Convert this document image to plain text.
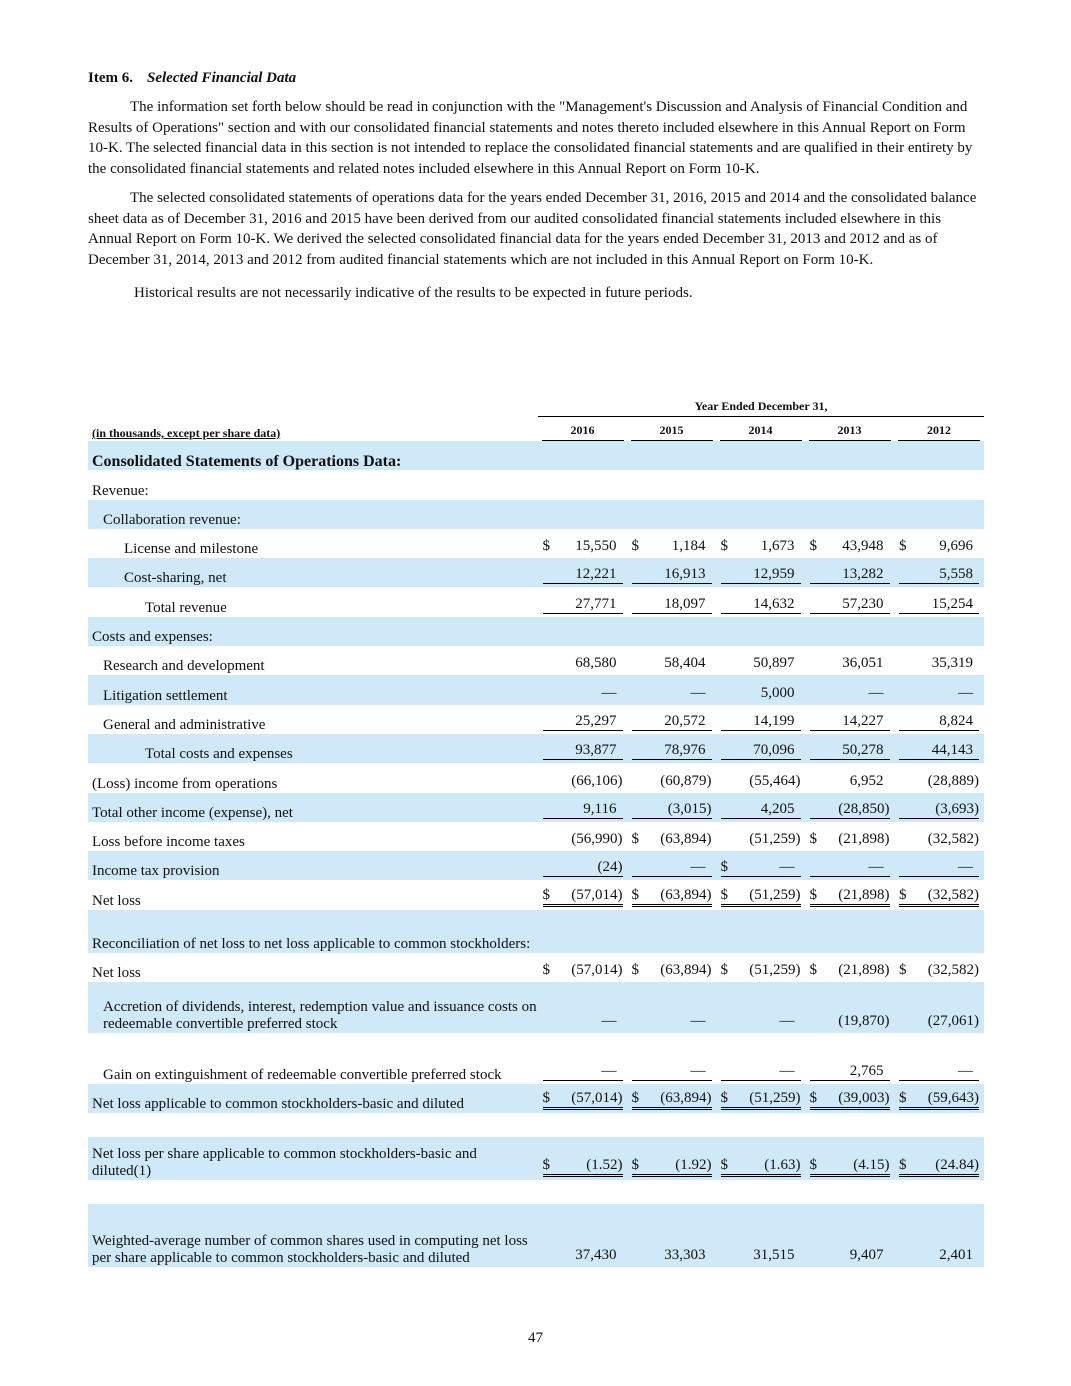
Item 6. Selected Financial Data

The information set forth below should be read in conjunction with the "Management's Discussion and Analysis of Financial Condition and Results of Operations" section and with our consolidated financial statements and notes thereto included elsewhere in this Annual Report on Form 10-K. The selected financial data in this section is not intended to replace the consolidated financial statements and are qualified in their entirety by the consolidated financial statements and related notes included elsewhere in this Annual Report on Form 10-K.

The selected consolidated statements of operations data for the years ended December 31, 2016, 2015 and 2014 and the consolidated balance sheet data as of December 31, 2016 and 2015 have been derived from our audited consolidated financial statements included elsewhere in this Annual Report on Form 10-K. We derived the selected consolidated financial data for the years ended December 31, 2013 and 2012 and as of December 31, 2014, 2013 and 2012 from audited financial statements which are not included in this Annual Report on Form 10-K.

Historical results are not necessarily indicative of the results to be expected in future periods.

	Year Ended December 31,				
(in thousands, except per share data)	2016	2015	2014	2013	2012
Consolidated Statements of Operations Data:					
Revenue:					
Collaboration revenue:					
License and milestone	$ 15,550	$ 1,184	$ 1,673	$ 43,948	$ 9,696
Cost-sharing, net	12,221	16,913	12,959	13,282	5,558
Total revenue	27,771	18,097	14,632	57,230	15,254
Costs and expenses:					
Research and development	68,580	58,404	50,897	36,051	35,319
Litigation settlement	—	—	5,000	—	—
General and administrative	25,297	20,572	14,199	14,227	8,824
Total costs and expenses	93,877	78,976	70,096	50,278	44,143
(Loss) income from operations	(66,106)	(60,879)	(55,464)	6,952	(28,889)
Total other income (expense), net	9,116	(3,015)	4,205	(28,850)	(3,693)
Loss before income taxes	(56,990)	$ (63,894)	(51,259)	$ (21,898)	(32,582)
Income tax provision	(24)	—	$ —	—	—
Net loss	$ (57,014)	$ (63,894)	$ (51,259)	$ (21,898)	$ (32,582)
Reconciliation of net loss to net loss applicable to common stockholders:					
Net loss	$ (57,014)	$ (63,894)	$ (51,259)	$ (21,898)	$ (32,582)
Accretion of dividends, interest, redemption value and issuance costs on redeemable convertible preferred stock	—	—	—	(19,870)	(27,061)
Gain on extinguishment of redeemable convertible preferred stock	—	—	—	2,765	—
Net loss applicable to common stockholders-basic and diluted	$ (57,014)	$ (63,894)	$ (51,259)	$ (39,003)	$ (59,643)

Net loss per share applicable to common stockholders-basic and diluted(1)	$ (1.52)	$ (1.92)	$ (1.63)	$ (4.15)	$ (24.84)

Weighted-average number of common shares used in computing net loss per share applicable to common stockholders-basic and diluted	37,430	33,303	31,515	9,407	2,401
47
